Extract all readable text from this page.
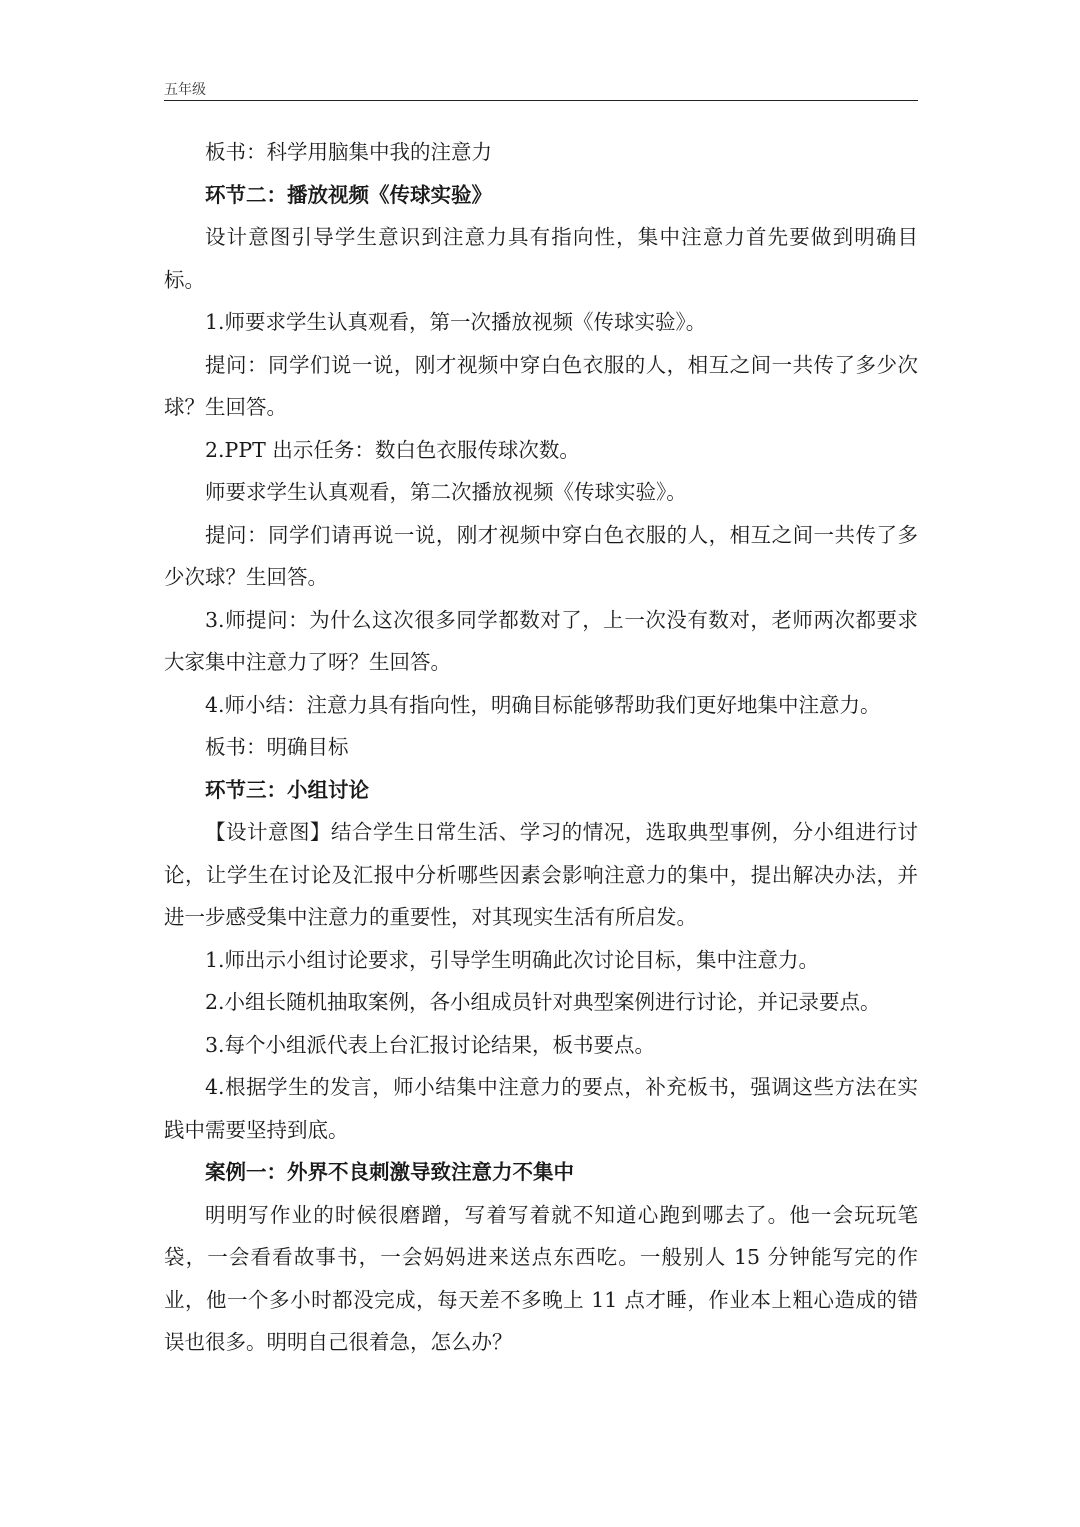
五年级

板书：科学用脑集中我的注意力

环节二：播放视频《传球实验》

设计意图引导学生意识到注意力具有指向性，集中注意力首先要做到明确目标。

1.师要求学生认真观看，第一次播放视频《传球实验》。

提问：同学们说一说，刚才视频中穿白色衣服的人，相互之间一共传了多少次球？生回答。

2.PPT 出示任务：数白色衣服传球次数。

师要求学生认真观看，第二次播放视频《传球实验》。

提问：同学们请再说一说，刚才视频中穿白色衣服的人，相互之间一共传了多少次球？生回答。

3.师提问：为什么这次很多同学都数对了，上一次没有数对，老师两次都要求大家集中注意力了呀？生回答。

4.师小结：注意力具有指向性，明确目标能够帮助我们更好地集中注意力。

板书：明确目标

环节三：小组讨论

【设计意图】结合学生日常生活、学习的情况，选取典型事例，分小组进行讨论，让学生在讨论及汇报中分析哪些因素会影响注意力的集中，提出解决办法，并进一步感受集中注意力的重要性，对其现实生活有所启发。

1.师出示小组讨论要求，引导学生明确此次讨论目标，集中注意力。

2.小组长随机抽取案例，各小组成员针对典型案例进行讨论，并记录要点。

3.每个小组派代表上台汇报讨论结果，板书要点。

4.根据学生的发言，师小结集中注意力的要点，补充板书，强调这些方法在实践中需要坚持到底。

案例一：外界不良刺激导致注意力不集中

明明写作业的时候很磨蹭，写着写着就不知道心跑到哪去了。他一会玩玩笔袋，一会看看故事书，一会妈妈进来送点东西吃。一般别人 15 分钟能写完的作业，他一个多小时都没完成，每天差不多晚上 11 点才睡，作业本上粗心造成的错误也很多。明明自己很着急，怎么办？
